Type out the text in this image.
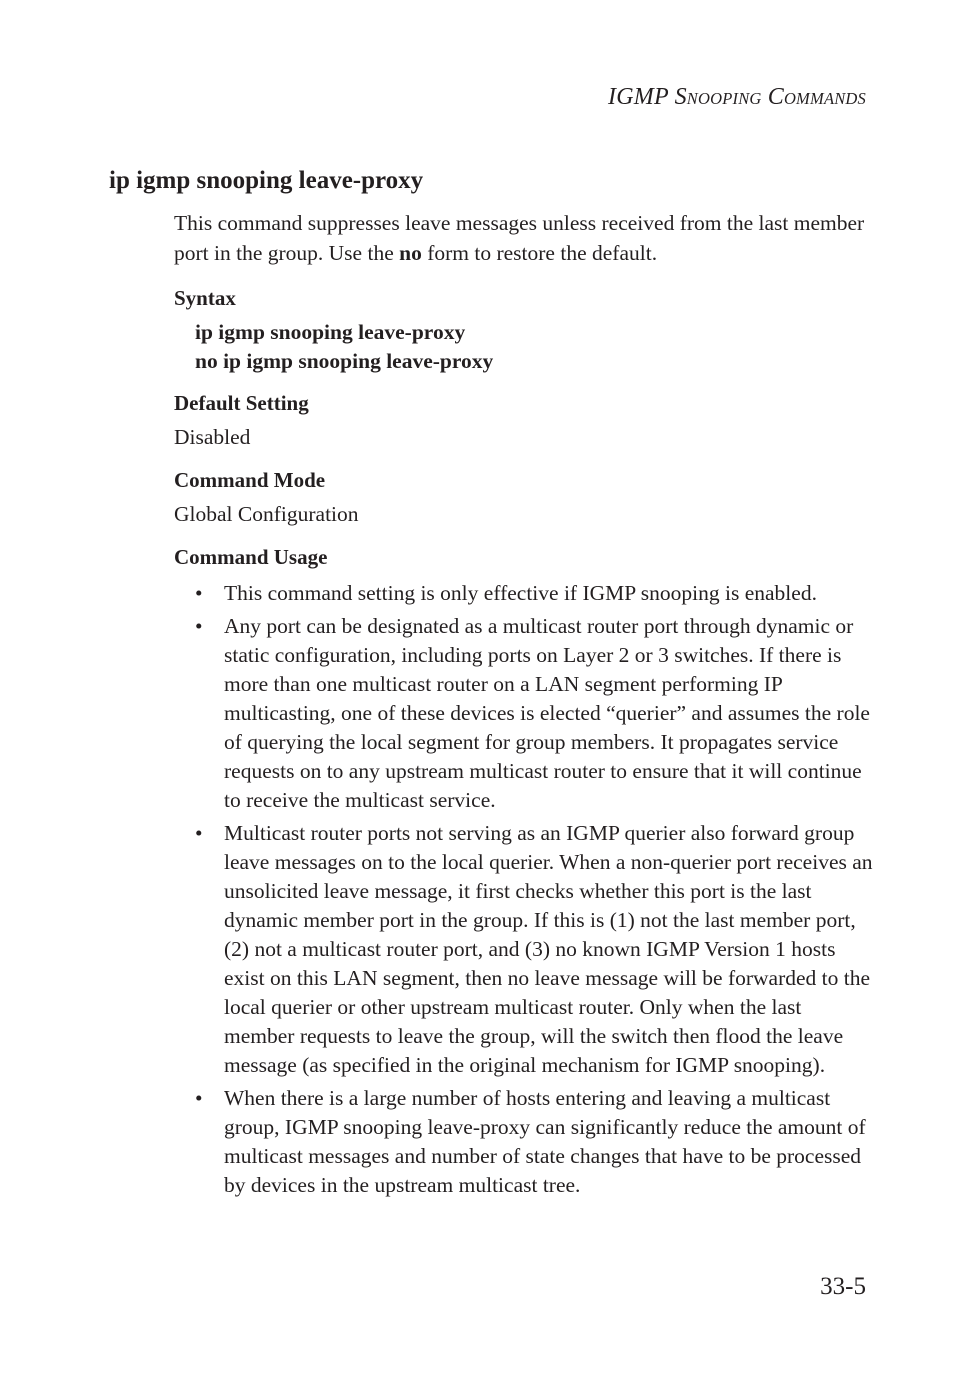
IGMP SNOOPING COMMANDS
ip igmp snooping leave-proxy

This command suppresses leave messages unless received from the last member port in the group. Use the no form to restore the default.

Syntax

ip igmp snooping leave-proxy

no ip igmp snooping leave-proxy

Default Setting

Disabled

Command Mode

Global Configuration

Command Usage

• This command setting is only effective if IGMP snooping is enabled.
• Any port can be designated as a multicast router port through dynamic or static configuration, including ports on Layer 2 or 3 switches. If there is more than one multicast router on a LAN segment performing IP multicasting, one of these devices is elected “querier” and assumes the role of querying the local segment for group members. It propagates service requests on to any upstream multicast router to ensure that it will continue to receive the multicast service.
• Multicast router ports not serving as an IGMP querier also forward group leave messages on to the local querier. When a non-querier port receives an unsolicited leave message, it first checks whether this port is the last dynamic member port in the group. If this is (1) not the last member port, (2) not a multicast router port, and (3) no known IGMP Version 1 hosts exist on this LAN segment, then no leave message will be forwarded to the local querier or other upstream multicast router. Only when the last member requests to leave the group, will the switch then flood the leave message (as specified in the original mechanism for IGMP snooping).
• When there is a large number of hosts entering and leaving a multicast group, IGMP snooping leave-proxy can significantly reduce the amount of multicast messages and number of state changes that have to be processed by devices in the upstream multicast tree.
33-5
